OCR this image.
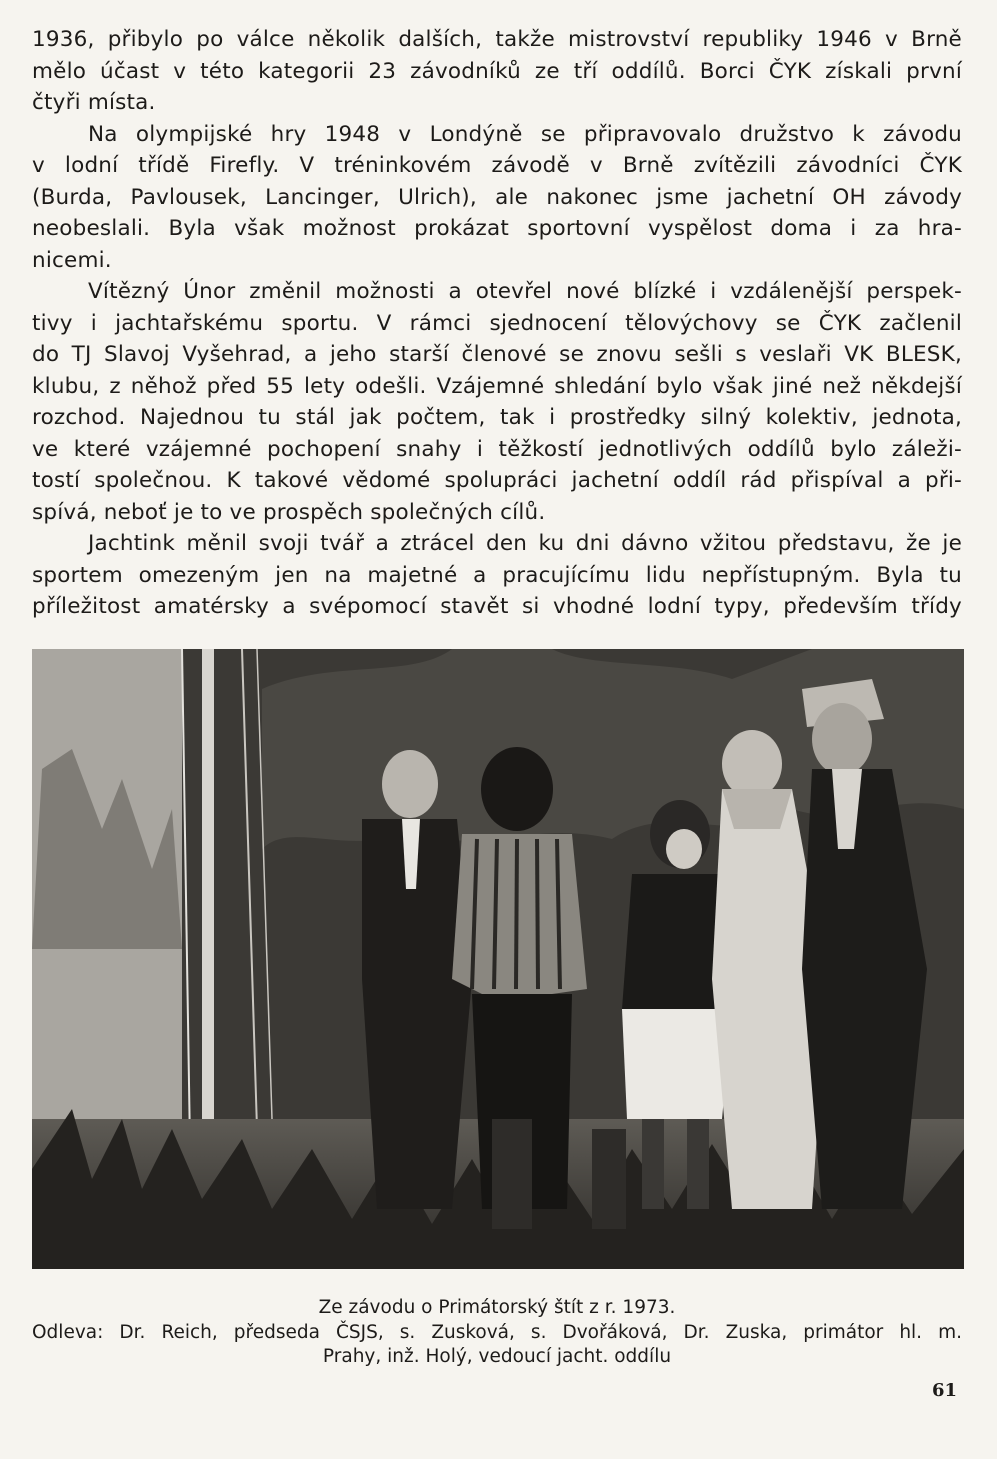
1936, přibylo po válce několik dalších, takže mistrovství republiky 1946 v Brně
mělo účast v této kategorii 23 závodníků ze tří oddílů. Borci ČYK získali první
čtyři místa.

Na olympijské hry 1948 v Londýně se připravovalo družstvo k závodu
v lodní třídě Firefly. V tréninkovém závodě v Brně zvítězili závodníci ČYK
(Burda, Pavlousek, Lancinger, Ulrich), ale nakonec jsme jachetní OH závody
neobeslali. Byla však možnost prokázat sportovní vyspělost doma i za hra-
nicemi.

Vítězný Únor změnil možnosti a otevřel nové blízké i vzdálenější perspek-
tivy i jachtařskému sportu. V rámci sjednocení tělovýchovy se ČYK začlenil
do TJ Slavoj Vyšehrad, a jeho starší členové se znovu sešli s veslaři VK BLESK,
klubu, z něhož před 55 lety odešli. Vzájemné shledání bylo však jiné než někdejší
rozchod. Najednou tu stál jak počtem, tak i prostředky silný kolektiv, jednota,
ve které vzájemné pochopení snahy i těžkostí jednotlivých oddílů bylo záleži-
tostí společnou. K takové vědomé spolupráci jachetní oddíl rád přispíval a při-
spívá, neboť je to ve prospěch společných cílů.

Jachtink měnil svoji tvář a ztrácel den ku dni dávno vžitou představu, že je
sportem omezeným jen na majetné a pracujícímu lidu nepřístupným. Byla tu
příležitost amatérsky a svépomocí stavět si vhodné lodní typy, především třídy

Ze závodu o Primátorský štít z r. 1973.
Odleva: Dr. Reich, předseda ČSJS, s. Zusková, s. Dvořáková, Dr. Zuska, primátor hl. m.
Prahy, inž. Holý, vedoucí jacht. oddílu
61
